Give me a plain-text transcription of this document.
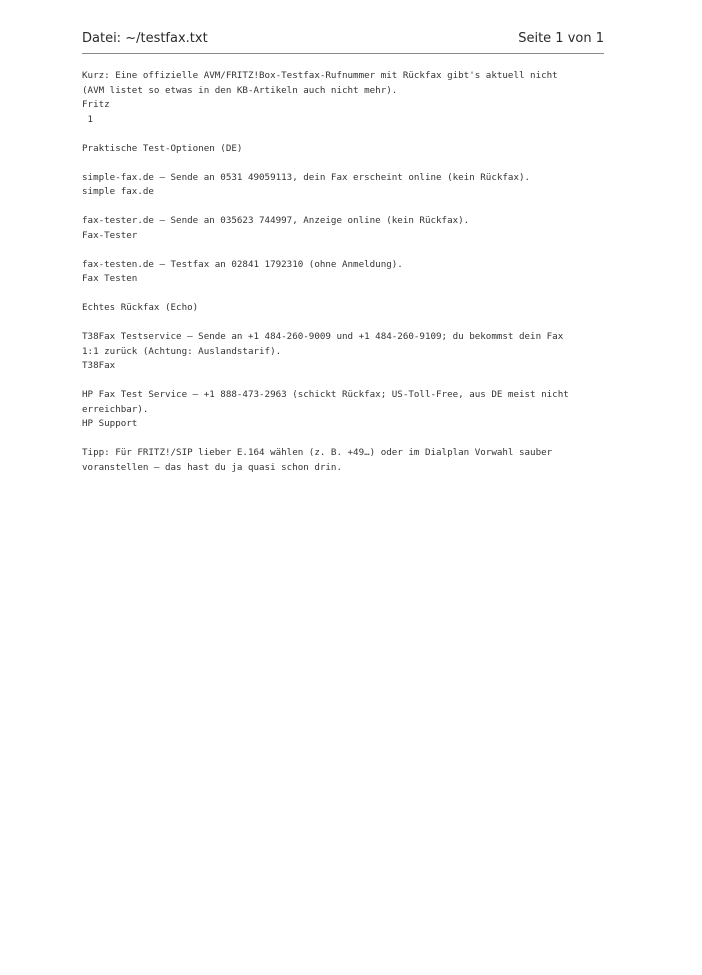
Datei: ~/testfax.txt	Seite 1 von 1
Kurz: Eine offizielle AVM/FRITZ!Box-Testfax-Rufnummer mit Rückfax gibt's aktuell nicht
(AVM listet so etwas in den KB-Artikeln auch nicht mehr).
Fritz
1
Praktische Test-Optionen (DE)
simple-fax.de – Sende an 0531 49059113, dein Fax erscheint online (kein Rückfax).
simple fax.de
fax-tester.de – Sende an 035623 744997, Anzeige online (kein Rückfax).
Fax-Tester
fax-testen.de – Testfax an 02841 1792310 (ohne Anmeldung).
Fax Testen
Echtes Rückfax (Echo)
T38Fax Testservice – Sende an +1 484-260-9009 und +1 484-260-9109; du bekommst dein Fax
1:1 zurück (Achtung: Auslandstarif).
T38Fax
HP Fax Test Service – +1 888-473-2963 (schickt Rückfax; US-Toll-Free, aus DE meist nicht
erreichbar).
HP Support
Tipp: Für FRITZ!/SIP lieber E.164 wählen (z. B. +49…) oder im Dialplan Vorwahl sauber
voranstellen – das hast du ja quasi schon drin.
